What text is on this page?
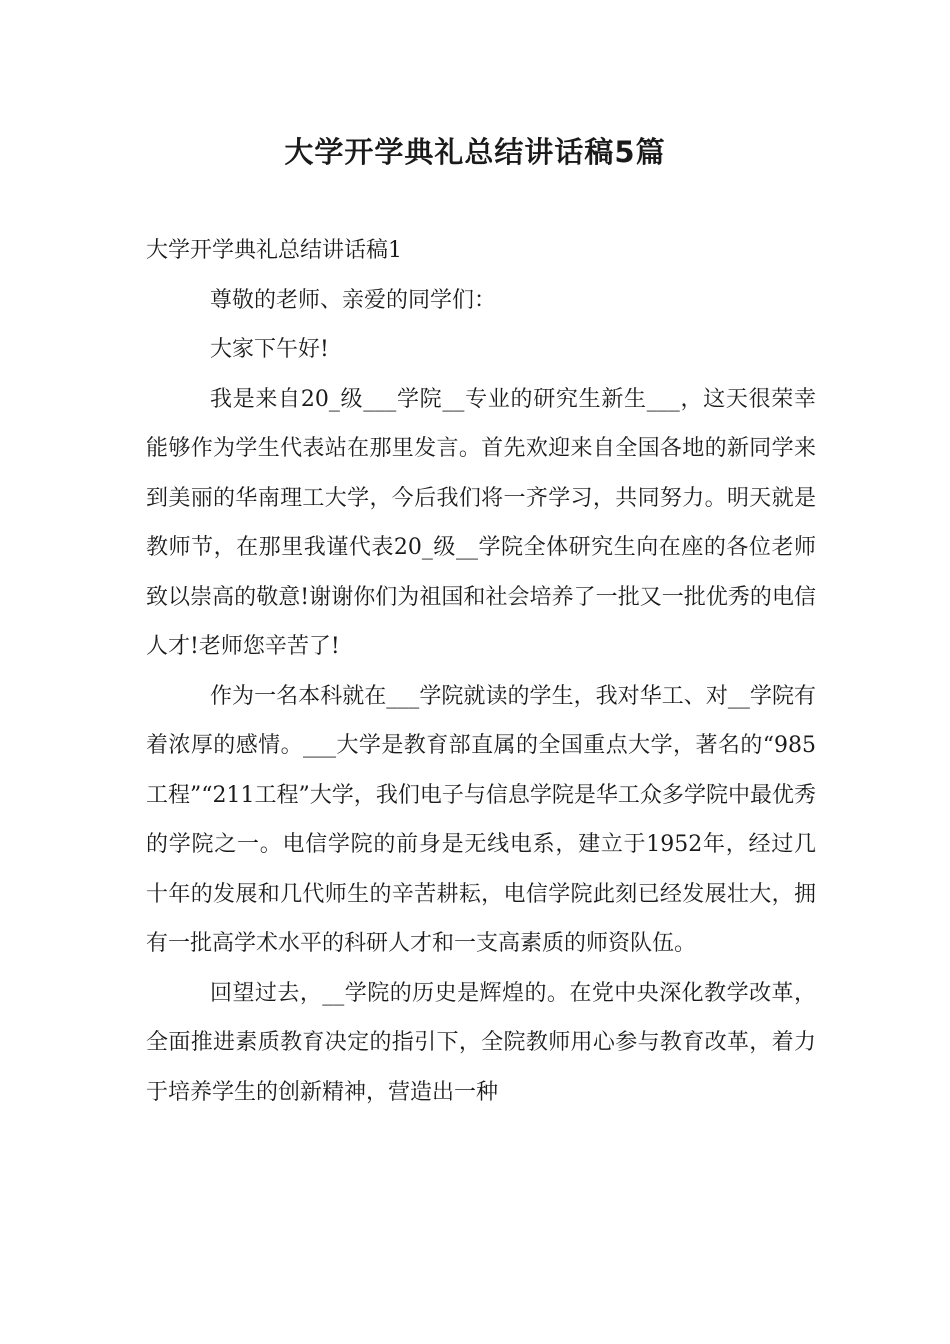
大学开学典礼总结讲话稿5篇

大学开学典礼总结讲话稿1

尊敬的老师、亲爱的同学们：

大家下午好!

我是来自20_级___学院__专业的研究生新生___，这天很荣幸能够作为学生代表站在那里发言。首先欢迎来自全国各地的新同学来到美丽的华南理工大学，今后我们将一齐学习，共同努力。明天就是教师节，在那里我谨代表20_级__学院全体研究生向在座的各位老师致以崇高的敬意!谢谢你们为祖国和社会培养了一批又一批优秀的电信人才!老师您辛苦了!

作为一名本科就在___学院就读的学生，我对华工、对__学院有着浓厚的感情。___大学是教育部直属的全国重点大学，著名的“985工程”“211工程”大学，我们电子与信息学院是华工众多学院中最优秀的学院之一。电信学院的前身是无线电系，建立于1952年，经过几十年的发展和几代师生的辛苦耕耘，电信学院此刻已经发展壮大，拥有一批高学术水平的科研人才和一支高素质的师资队伍。

回望过去，__学院的历史是辉煌的。在党中央深化教学改革，全面推进素质教育决定的指引下，全院教师用心参与教育改革，着力于培养学生的创新精神，营造出一种
